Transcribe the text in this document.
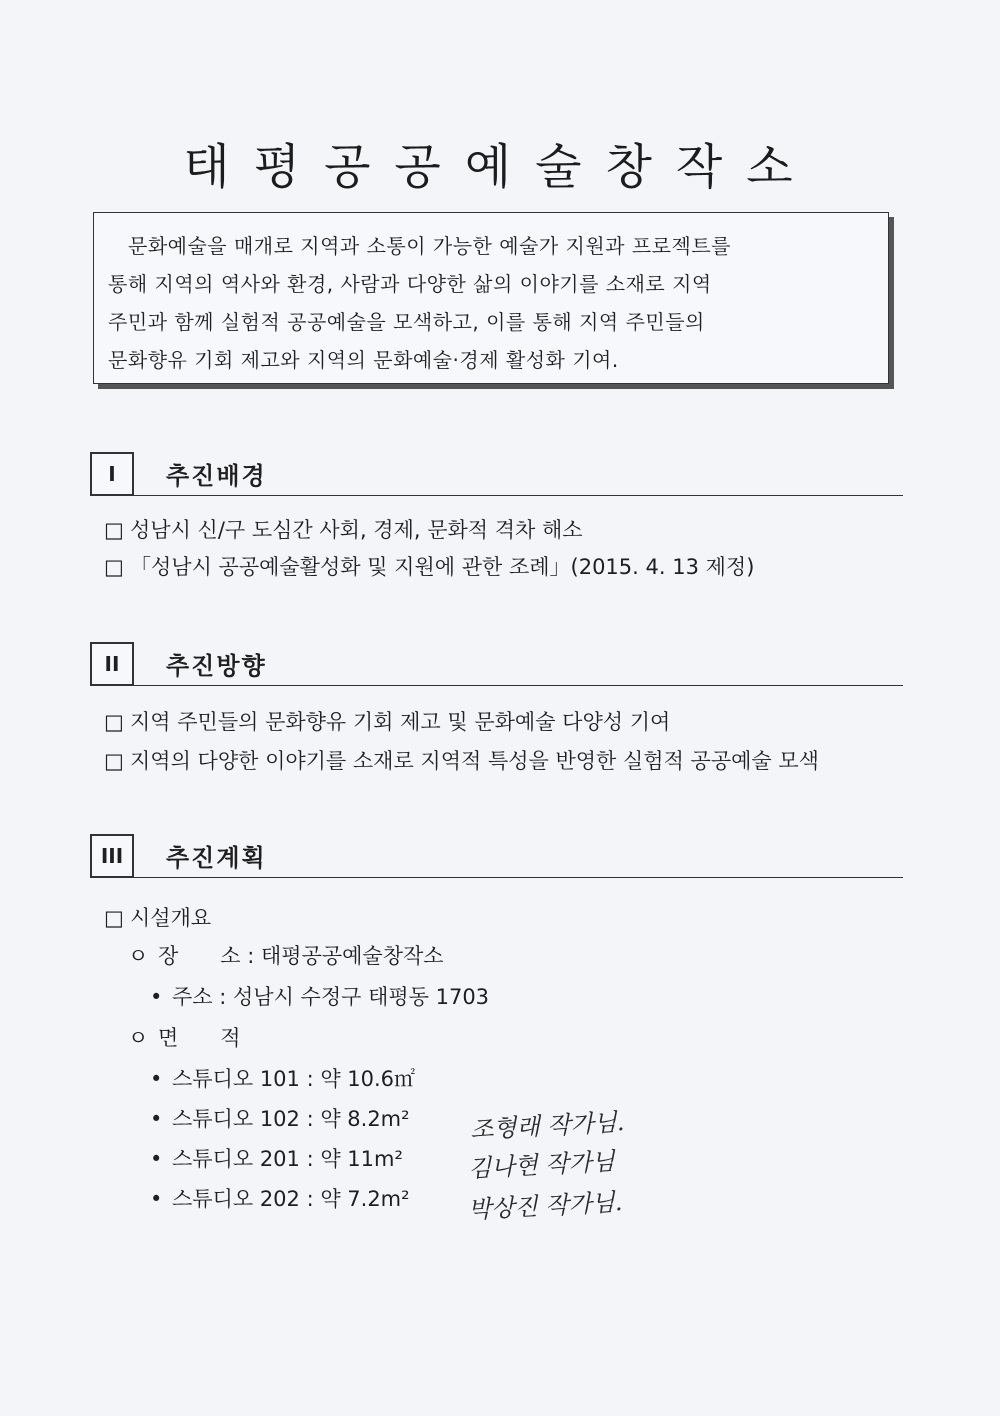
태평공공예술창작소
문화예술을 매개로 지역과 소통이 가능한 예술가 지원과 프로젝트를
통해 지역의 역사와 환경, 사람과 다양한 삶의 이야기를 소재로 지역
주민과 함께 실험적 공공예술을 모색하고, 이를 통해 지역 주민들의
문화향유 기회 제고와 지역의 문화예술·경제 활성화 기여.
I	추진배경
□ 성남시 신/구 도심간 사회, 경제, 문화적 격차 해소
□ 「성남시 공공예술활성화 및 지원에 관한 조례」(2015. 4. 13 제정)
II	추진방향
□ 지역 주민들의 문화향유 기회 제고 및 문화예술 다양성 기여
□ 지역의 다양한 이야기를 소재로 지역적 특성을 반영한 실험적 공공예술 모색
III	추진계획
□ 시설개요
ㅇ 장　　소 : 태평공공예술창작소
• 주소 : 성남시 수정구 태평동 1703
ㅇ 면　　적
• 스튜디오 101 : 약 10.6㎡
• 스튜디오 102 : 약 8.2m²
• 스튜디오 201 : 약 11m²
• 스튜디오 202 : 약 7.2m²
조형래 작가님.
김나현 작가님
박상진 작가님.
